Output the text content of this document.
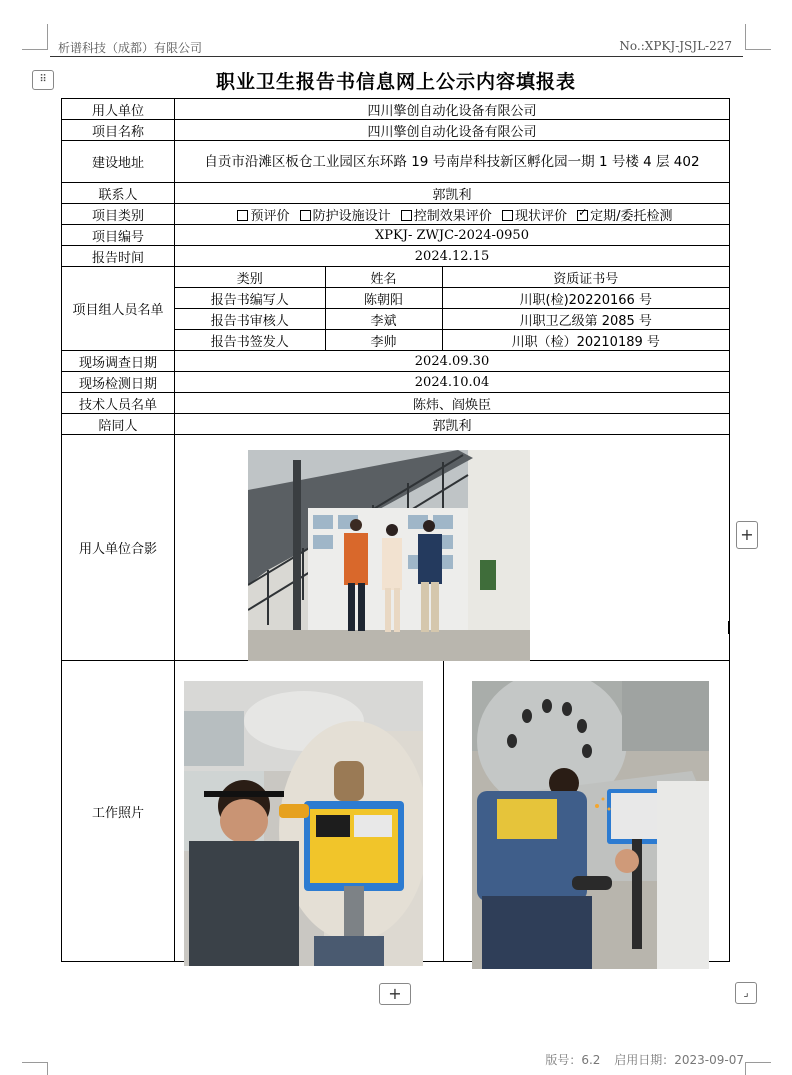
析谱科技（成都）有限公司	No.:XPKJ-JSJL-227
⠿	职业卫生报告书信息网上公示内容填报表
用人单位	四川擎创自动化设备有限公司
项目名称	四川擎创自动化设备有限公司
建设地址	自贡市沿滩区板仓工业园区东环路 19 号南岸科技新区孵化园一期 1 号楼 4 层 402
联系人	郭凯利
项目类别	预评价 防护设施设计 控制效果评价 现状评价 ✓ 定期/委托检测
项目编号	XPKJ- ZWJC-2024-0950
报告时间	2024.12.15
项目组人员名单	
类别	姓名	资质证书号
报告书编写人	陈朝阳	川职(检)20220166 号
报告书审核人	李斌	川职卫乙级第 2085 号
报告书签发人	李帅	川职（检）20210189 号

现场调查日期	2024.09.30
现场检测日期	2024.10.04
技术人员名单	陈炜、阎焕臣
陪同人	郭凯利
用人单位合影	
工作照片	

+
+	⌟
版号：6.2 启用日期：2023-09-07
